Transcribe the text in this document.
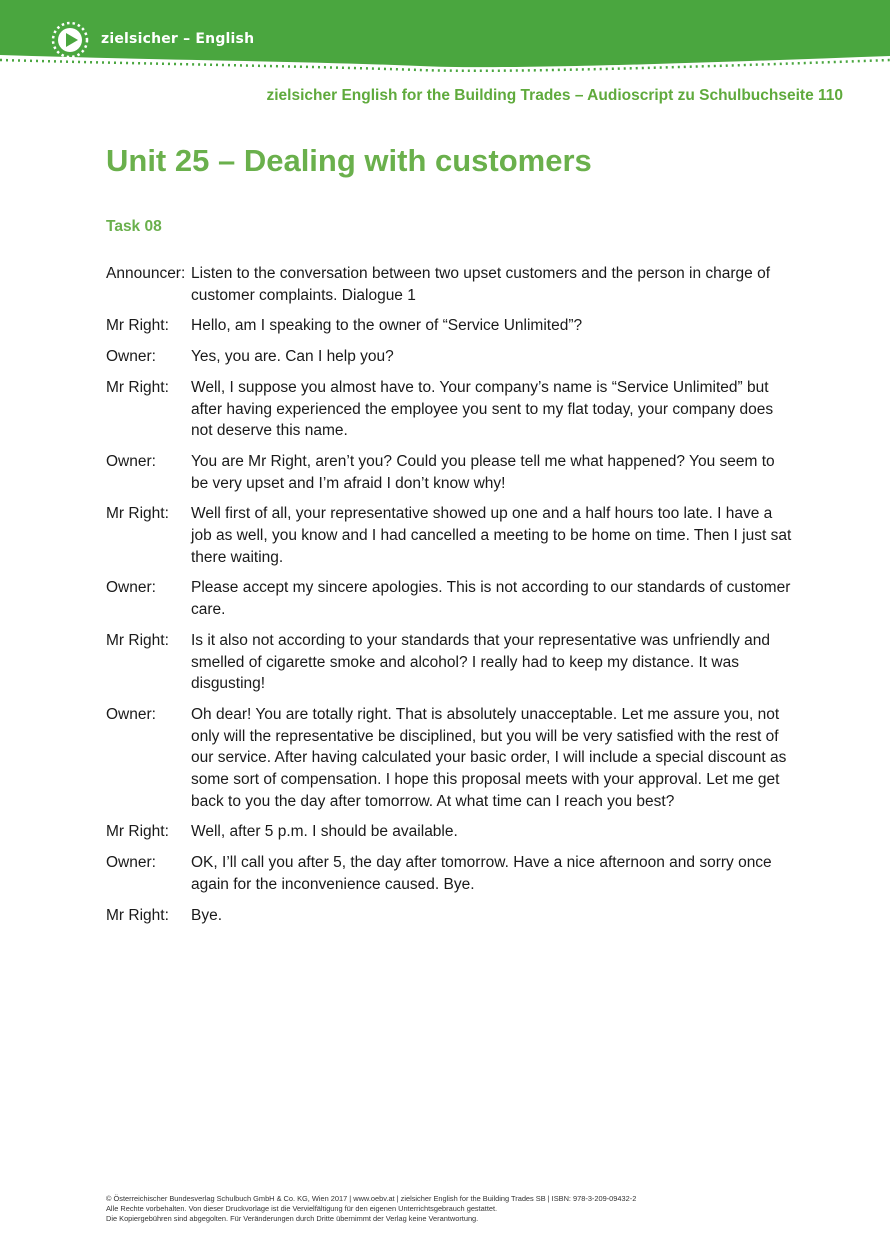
zielsicher – English
zielsicher English for the Building Trades – Audioscript zu Schulbuchseite 110
Unit 25 – Dealing with customers
Task 08
Announcer: Listen to the conversation between two upset customers and the person in charge of customer complaints. Dialogue 1
Mr Right:	Hello, am I speaking to the owner of “Service Unlimited”?
Owner:	Yes, you are. Can I help you?
Mr Right:	Well, I suppose you almost have to. Your company’s name is “Service Unlimited” but after having experienced the employee you sent to my flat today, your company does not deserve this name.
Owner:	You are Mr Right, aren’t you? Could you please tell me what happened? You seem to be very upset and I’m afraid I don’t know why!
Mr Right:	Well first of all, your representative showed up one and a half hours too late. I have a job as well, you know and I had cancelled a meeting to be home on time. Then I just sat there waiting.
Owner:	Please accept my sincere apologies. This is not according to our standards of customer care.
Mr Right:	Is it also not according to your standards that your representative was unfriendly and smelled of cigarette smoke and alcohol? I really had to keep my distance. It was disgusting!
Owner:	Oh dear! You are totally right. That is absolutely unacceptable. Let me assure you, not only will the representative be disciplined, but you will be very satisfied with the rest of our service. After having calculated your basic order, I will include a special discount as some sort of compensation. I hope this proposal meets with your approval. Let me get back to you the day after tomorrow. At what time can I reach you best?
Mr Right:	Well, after 5 p.m. I should be available.
Owner:	OK, I’ll call you after 5, the day after tomorrow. Have a nice afternoon and sorry once again for the inconvenience caused. Bye.
Mr Right:	Bye.
© Österreichischer Bundesverlag Schulbuch GmbH & Co. KG, Wien 2017 | www.oebv.at | zielsicher English for the Building Trades SB | ISBN: 978-3-209-09432-2
Alle Rechte vorbehalten. Von dieser Druckvorlage ist die Vervielfältigung für den eigenen Unterrichtsgebrauch gestattet.
Die Kopiergebühren sind abgegolten. Für Veränderungen durch Dritte übernimmt der Verlag keine Verantwortung.
